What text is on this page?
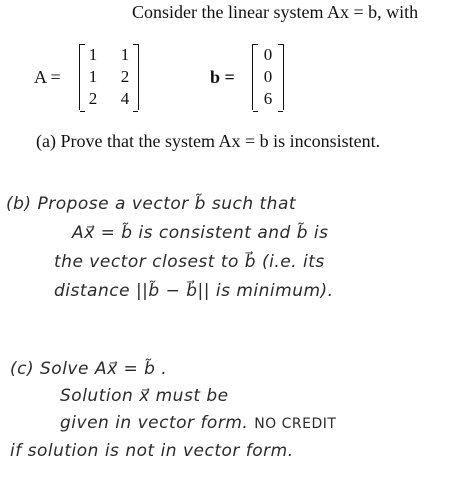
Consider the linear system Ax = b, with
A =
1 1
1 2
2 4
b =
0
0
6
(a) Prove that the system Ax = b is inconsistent.
(b) Propose a vector b̃ such that
Ax⃗ = b̃ is consistent and b̃ is
the vector closest to b⃗ (i.e. its
distance ||b̃ − b⃗|| is minimum).
(c) Solve Ax⃗ = b̃ .
Solution x⃗ must be
given in vector form. NO CREDIT
if solution is not in vector form.
